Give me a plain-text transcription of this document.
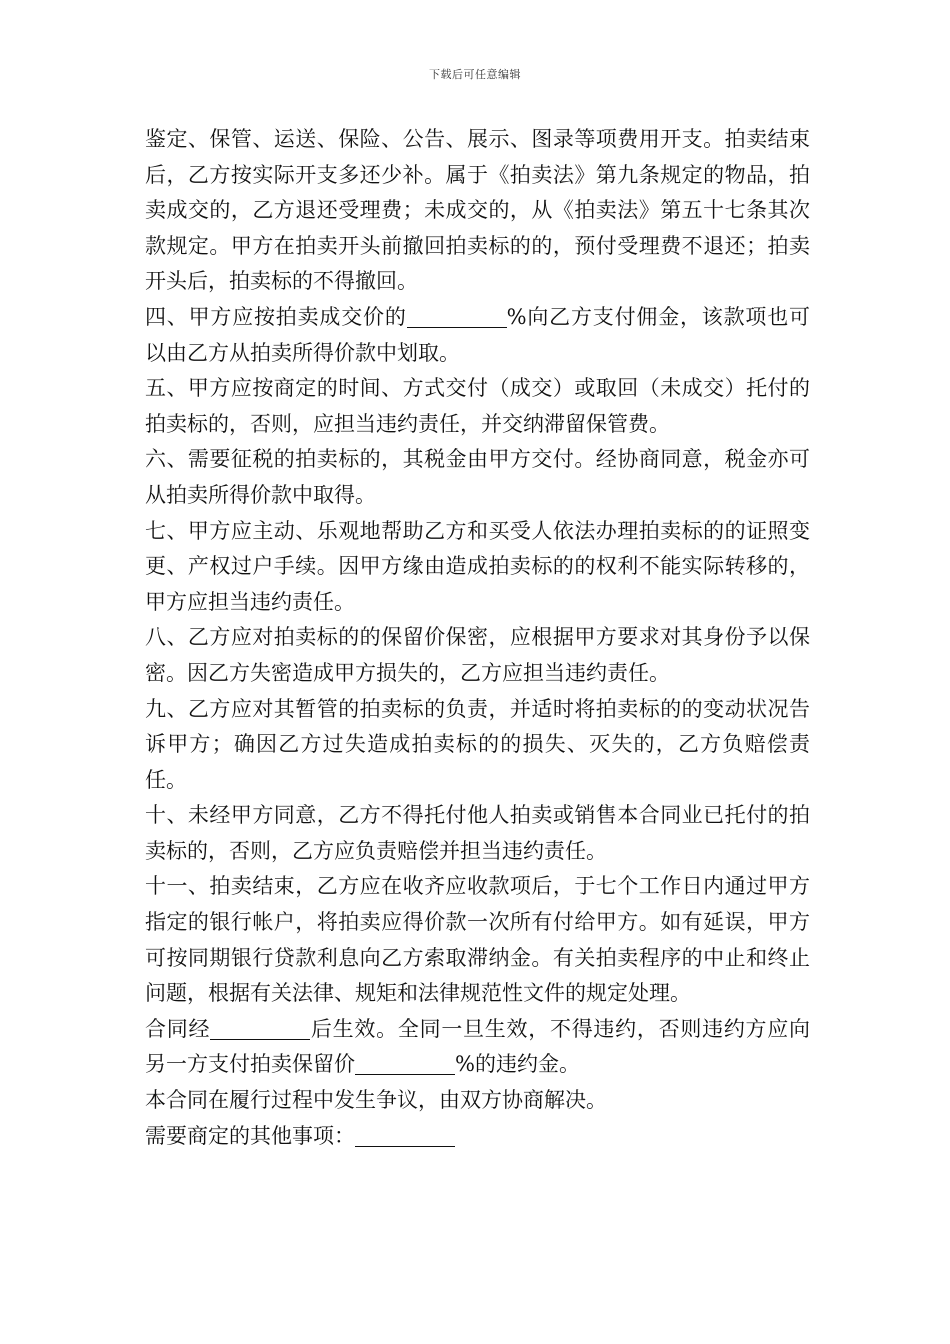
下载后可任意编辑

鉴定、保管、运送、保险、公告、展示、图录等项费用开支。拍卖结束后，乙方按实际开支多还少补。属于《拍卖法》第九条规定的物品，拍卖成交的，乙方退还受理费；未成交的，从《拍卖法》第五十七条其次款规定。甲方在拍卖开头前撤回拍卖标的的，预付受理费不退还；拍卖开头后，拍卖标的不得撤回。

四、甲方应按拍卖成交价的	%向乙方支付佣金，该款项也可以由乙方从拍卖所得价款中划取。

五、甲方应按商定的时间、方式交付（成交）或取回（未成交）托付的拍卖标的，否则，应担当违约责任，并交纳滞留保管费。

六、需要征税的拍卖标的，其税金由甲方交付。经协商同意，税金亦可从拍卖所得价款中取得。

七、甲方应主动、乐观地帮助乙方和买受人依法办理拍卖标的的证照变更、产权过户手续。因甲方缘由造成拍卖标的的权利不能实际转移的，甲方应担当违约责任。

八、乙方应对拍卖标的的保留价保密，应根据甲方要求对其身份予以保密。因乙方失密造成甲方损失的，乙方应担当违约责任。

九、乙方应对其暂管的拍卖标的负责，并适时将拍卖标的的变动状况告诉甲方；确因乙方过失造成拍卖标的的损失、灭失的，乙方负赔偿责任。

十、未经甲方同意，乙方不得托付他人拍卖或销售本合同业已托付的拍卖标的，否则，乙方应负责赔偿并担当违约责任。

十一、拍卖结束，乙方应在收齐应收款项后，于七个工作日内通过甲方指定的银行帐户，将拍卖应得价款一次所有付给甲方。如有延误，甲方可按同期银行贷款利息向乙方索取滞纳金。有关拍卖程序的中止和终止问题，根据有关法律、规矩和法律规范性文件的规定处理。

合同经	后生效。全同一旦生效，不得违约，否则违约方应向另一方支付拍卖保留价	%的违约金。

本合同在履行过程中发生争议，由双方协商解决。

需要商定的其他事项：
